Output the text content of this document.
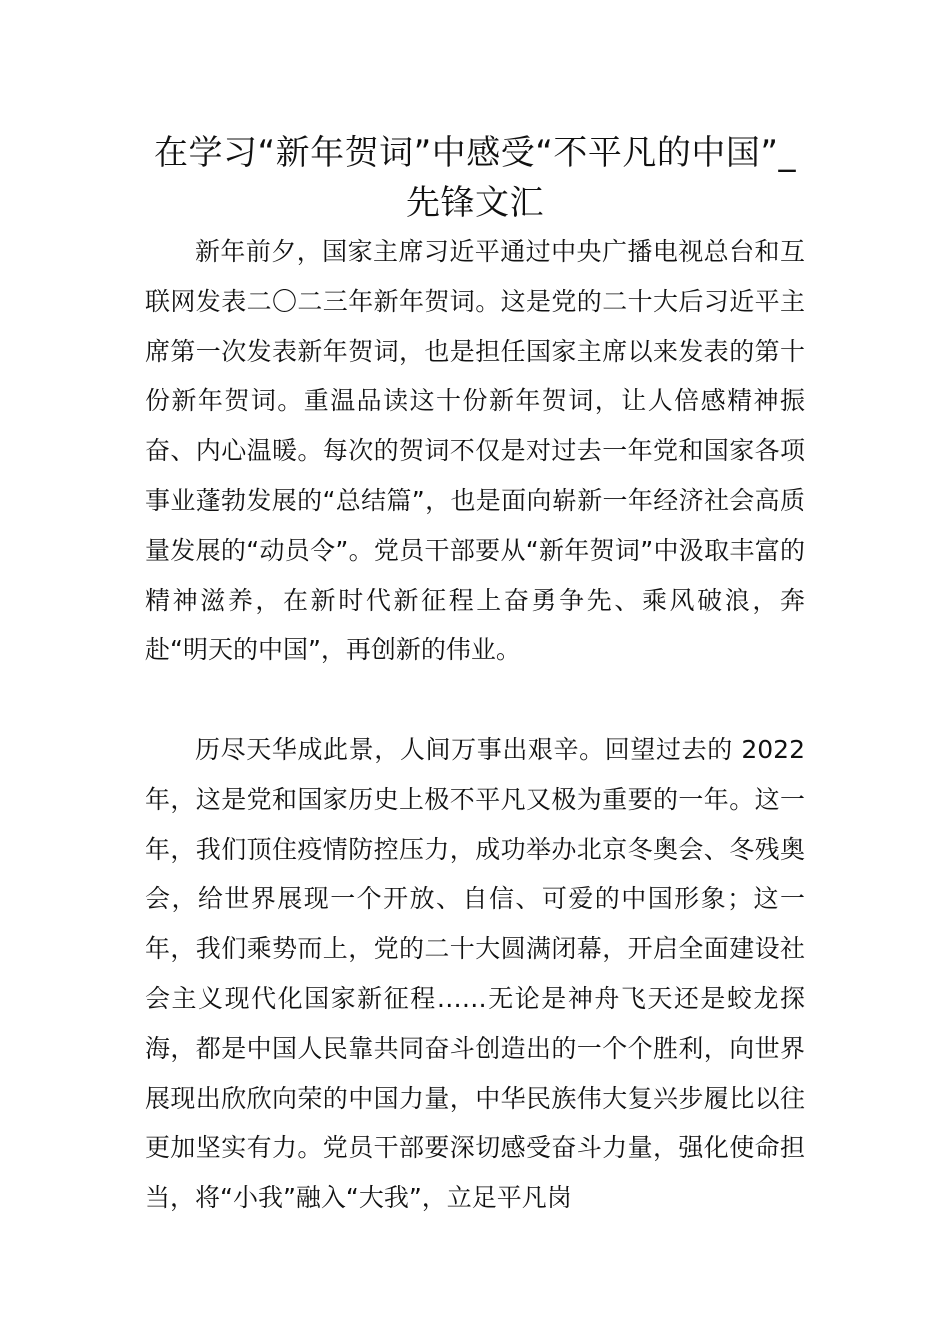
在学习“新年贺词”中感受“不平凡的中国”_先锋文汇

新年前夕，国家主席习近平通过中央广播电视总台和互联网发表二〇二三年新年贺词。这是党的二十大后习近平主席第一次发表新年贺词，也是担任国家主席以来发表的第十份新年贺词。重温品读这十份新年贺词，让人倍感精神振奋、内心温暖。每次的贺词不仅是对过去一年党和国家各项事业蓬勃发展的“总结篇”，也是面向崭新一年经济社会高质量发展的“动员令”。党员干部要从“新年贺词”中汲取丰富的精神滋养，在新时代新征程上奋勇争先、乘风破浪，奔赴“明天的中国”，再创新的伟业。

历尽天华成此景，人间万事出艰辛。回望过去的 2022 年，这是党和国家历史上极不平凡又极为重要的一年。这一年，我们顶住疫情防控压力，成功举办北京冬奥会、冬残奥会，给世界展现一个开放、自信、可爱的中国形象；这一年，我们乘势而上，党的二十大圆满闭幕，开启全面建设社会主义现代化国家新征程……无论是神舟飞天还是蛟龙探海，都是中国人民靠共同奋斗创造出的一个个胜利，向世界展现出欣欣向荣的中国力量，中华民族伟大复兴步履比以往更加坚实有力。党员干部要深切感受奋斗力量，强化使命担当，将“小我”融入“大我”，立足平凡岗
